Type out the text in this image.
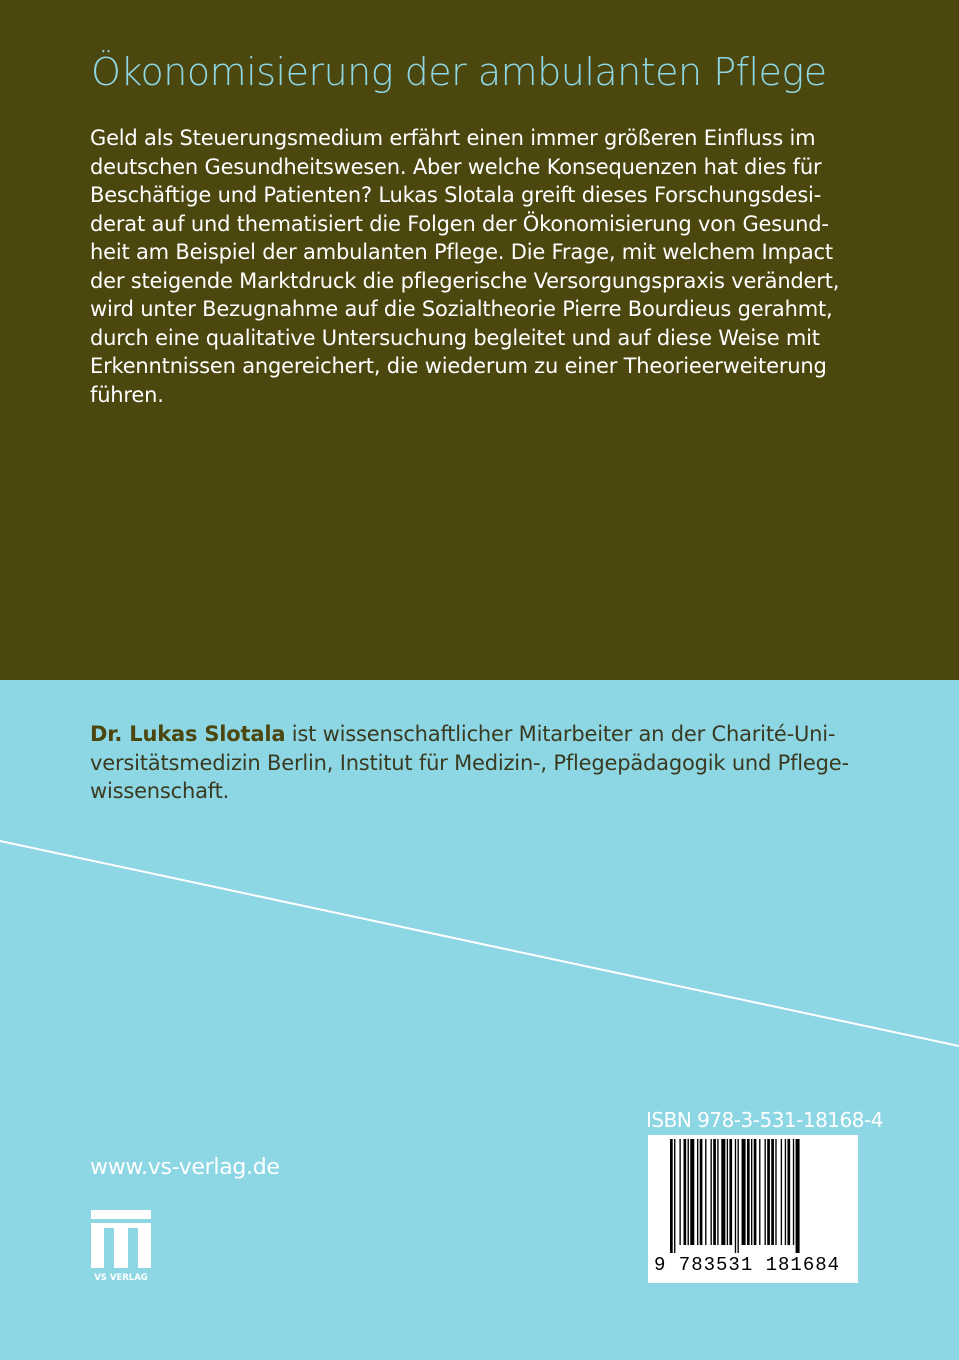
Ökonomisierung der ambulanten Pflege
Geld als Steuerungsmedium erfährt einen immer größeren Einfluss im
deutschen Gesundheitswesen. Aber welche Konsequenzen hat dies für
Beschäftige und Patienten? Lukas Slotala greift dieses Forschungsdesi-
derat auf und thematisiert die Folgen der Ökonomisierung von Gesund-
heit am Beispiel der ambulanten Pflege. Die Frage, mit welchem Impact
der steigende Marktdruck die pflegerische Versorgungspraxis verändert,
wird unter Bezugnahme auf die Sozialtheorie Pierre Bourdieus gerahmt,
durch eine qualitative Untersuchung begleitet und auf diese Weise mit
Erkenntnissen angereichert, die wiederum zu einer Theorieerweiterung
führen.
Dr. Lukas Slotala ist wissenschaftlicher Mitarbeiter an der Charité-Uni-
versitätsmedizin Berlin, Institut für Medizin-, Pflegepädagogik und Pflege-
wissenschaft.
www.vs-verlag.de
VS VERLAG
ISBN 978-3-531-18168-4
9 783531 181684
